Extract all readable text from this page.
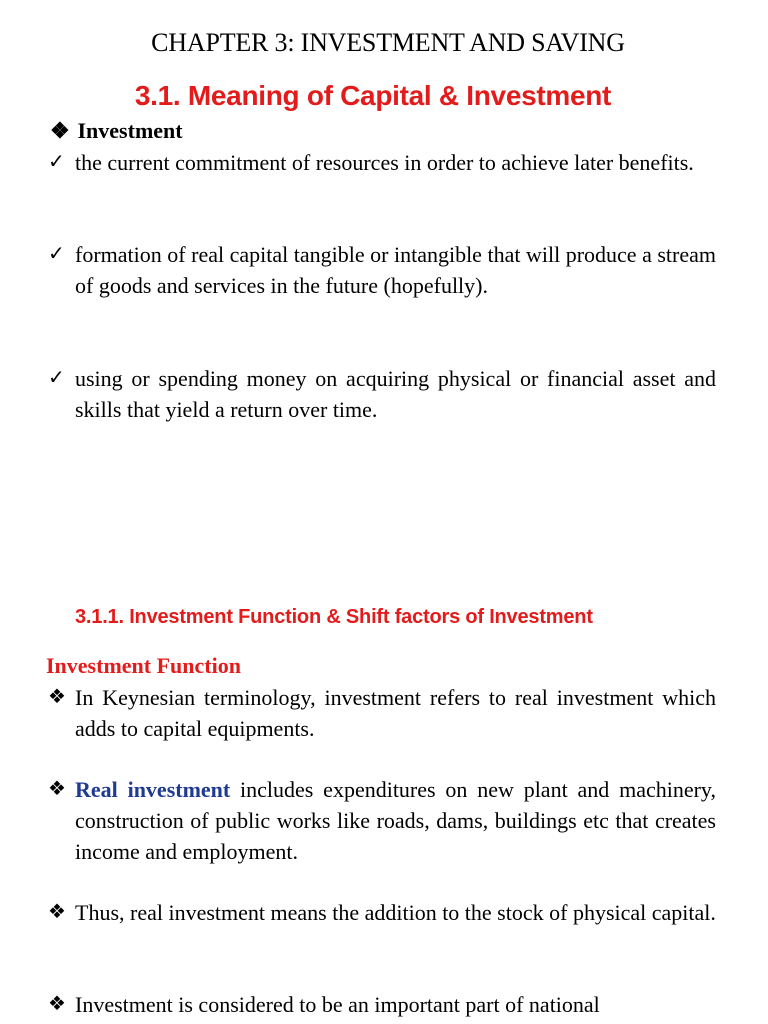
CHAPTER 3: INVESTMENT AND SAVING
3.1. Meaning of Capital & Investment
❖ Investment
✓ the current commitment of resources in order to achieve later benefits.
✓ formation of real capital tangible or intangible that will produce a stream of goods and services in the future (hopefully).
✓ using or spending money on acquiring physical or financial asset and skills that yield a return over time.
3.1.1. Investment Function & Shift factors of Investment
Investment Function
❖ In Keynesian terminology, investment refers to real investment which adds to capital equipments.
❖ Real investment includes expenditures on new plant and machinery, construction of public works like roads, dams, buildings etc that creates income and employment.
❖ Thus, real investment means the addition to the stock of physical capital.
❖ Investment is considered to be an important part of national
